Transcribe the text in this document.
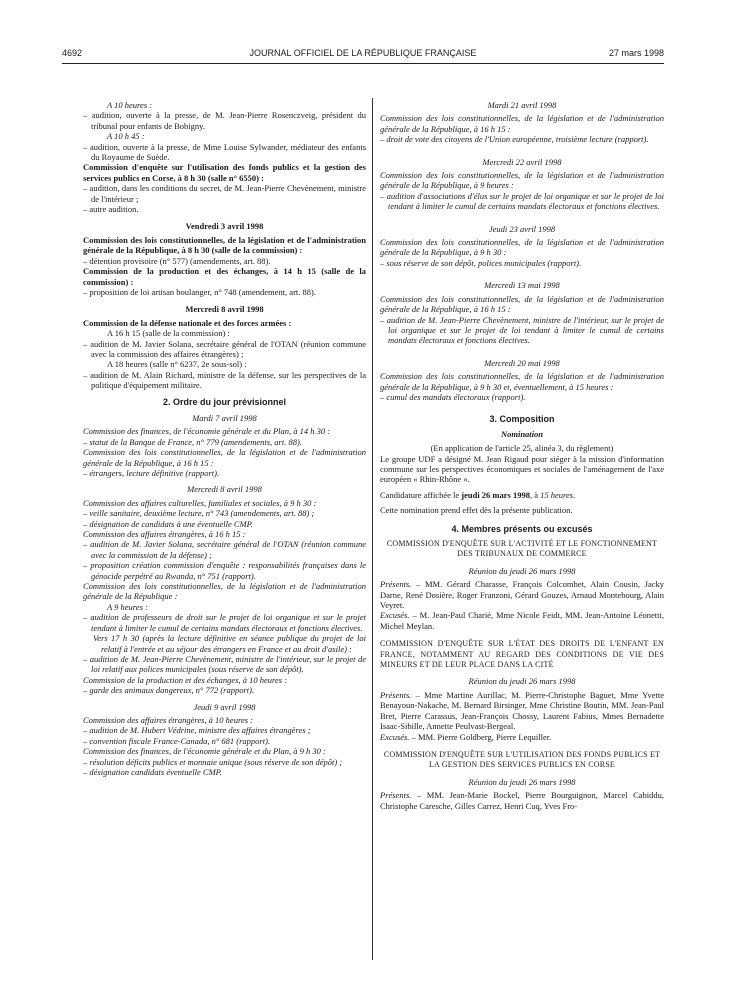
4692	JOURNAL OFFICIEL DE LA RÉPUBLIQUE FRANÇAISE	27 mars 1998

A 10 heures :

– audition, ouverte à la presse, de M. Jean-Pierre Rosenczveig, président du tribunal pour enfants de Bobigny.

A 10 h 45 :

– audition, ouverte à la presse, de Mme Louise Sylwander, médiateur des enfants du Royaume de Suède.

Commission d'enquête sur l'utilisation des fonds publics et la gestion des services publics en Corse, à 8 h 30 (salle n° 6550) :

– audition, dans les conditions du secret, de M. Jean-Pierre Chevènement, ministre de l'intérieur ;

– autre audition.

Vendredi 3 avril 1998

Commission des lois constitutionnelles, de la législation et de l'administration générale de la République, à 8 h 30 (salle de la commission) :

– détention provisoire (n° 577) (amendements, art. 88).

Commission de la production et des échanges, à 14 h 15 (salle de la commission) :

– proposition de loi artisan boulanger, n° 748 (amendement, art. 88).

Mercredi 8 avril 1998

Commission de la défense nationale et des forces armées :

A 16 h 15 (salle de la commission) :

– audition de M. Javier Solana, secrétaire général de l'OTAN (réunion commune avec la commission des affaires étrangères) ;

A 18 heures (salle n° 6237, 2e sous-sol) :

– audition de M. Alain Richard, ministre de la défense, sur les perspectives de la politique d'équipement militaire.

2. Ordre du jour prévisionnel

Mardi 7 avril 1998

Commission des finances, de l'économie générale et du Plan, à 14 h 30 :

– statut de la Banque de France, n° 779 (amendements, art. 88).

Commission des lois constitutionnelles, de la législation et de l'administration générale de la République, à 16 h 15 :

– étrangers, lecture définitive (rapport).

Mercredi 8 avril 1998

Commission des affaires culturelles, familiales et sociales, à 9 h 30 :

– veille sanitaire, deuxième lecture, n° 743 (amendements, art. 88) ;

– désignation de candidats à une éventuelle CMP.

Commission des affaires étrangères, à 16 h 15 :

– audition de M. Javier Solana, secrétaire général de l'OTAN (réunion commune avec la commission de la défense) ;

– proposition création commission d'enquête : responsabilités françaises dans le génocide perpétré au Rwanda, n° 751 (rapport).

Commission des lois constitutionnelles, de la législation et de l'administration générale de la République :

A 9 heures :

– audition de professeurs de droit sur le projet de loi organique et sur le projet tendant à limiter le cumul de certains mandats électoraux et fonctions électives.

Vers 17 h 30 (après la lecture définitive en séance publique du projet de loi relatif à l'entrée et au séjour des étrangers en France et au droit d'asile) :

– audition de M. Jean-Pierre Chevènement, ministre de l'intérieur, sur le projet de loi relatif aux polices municipales (sous réserve de son dépôt).

Commission de la production et des échanges, à 10 heures :

– garde des animaux dangereux, n° 772 (rapport).

Jeudi 9 avril 1998

Commission des affaires étrangères, à 10 heures :

– audition de M. Hubert Védrine, ministre des affaires étrangères ;

– convention fiscale France-Canada, n° 681 (rapport).

Commission des finances, de l'économie générale et du Plan, à 9 h 30 :

– résolution déficits publics et monnaie unique (sous réserve de son dépôt) ;

– désignation candidats éventuelle CMP.

Mardi 21 avril 1998

Commission des lois constitutionnelles, de la législation et de l'administration générale de la République, à 16 h 15 :

– droit de vote des citoyens de l'Union européenne, troisième lecture (rapport).

Mercredi 22 avril 1998

Commission des lois constitutionnelles, de la législation et de l'administration générale de la République, à 9 heures :

– audition d'associations d'élus sur le projet de loi organique et sur le projet de loi tendant à limiter le cumul de certains mandats électoraux et fonctions électives.

Jeudi 23 avril 1998

Commission des lois constitutionnelles, de la législation et de l'administration générale de la République, à 9 h 30 :

– sous réserve de son dépôt, polices municipales (rapport).

Mercredi 13 mai 1998

Commission des lois constitutionnelles, de la législation et de l'administration générale de la République, à 16 h 15 :

– audition de M. Jean-Pierre Chevènement, ministre de l'intérieur, sur le projet de loi organique et sur le projet de loi tendant à limiter le cumul de certains mandats électoraux et fonctions électives.

Mercredi 20 mai 1998

Commission des lois constitutionnelles, de la législation et de l'administration générale de la République, à 9 h 30 et, éventuellement, à 15 heures :

– cumul des mandats électoraux (rapport).

3. Composition

Nomination

(En application de l'article 25, alinéa 3, du règlement)

Le groupe UDF a désigné M. Jean Rigaud pour siéger à la mission d'information commune sur les perspectives économiques et sociales de l'aménagement de l'axe européen « Rhin-Rhône ».

Candidature affichée le jeudi 26 mars 1998, à 15 heures.

Cette nomination prend effet dès la présente publication.

4. Membres présents ou excusés

COMMISSION D'ENQUÊTE SUR L'ACTIVITÉ ET LE FONCTIONNEMENT DES TRIBUNAUX DE COMMERCE

Réunion du jeudi 26 mars 1998

Présents. – MM. Gérard Charasse, François Colcombet, Alain Cousin, Jacky Darne, René Dosière, Roger Franzoni, Gérard Gouzes, Arnaud Montebourg, Alain Veyret.

Excusés. – M. Jean-Paul Charié, Mme Nicole Feidt, MM. Jean-Antoine Léonetti, Michel Meylan.

COMMISSION D'ENQUÊTE SUR L'ÉTAT DES DROITS DE L'ENFANT EN FRANCE, NOTAMMENT AU REGARD DES CONDITIONS DE VIE DES MINEURS ET DE LEUR PLACE DANS LA CITÉ

Réunion du jeudi 26 mars 1998

Présents. – Mme Martine Aurillac, M. Pierre-Christophe Baguet, Mme Yvette Benayoun-Nakache, M. Bernard Birsinger, Mme Christine Boutin, MM. Jean-Paul Bret, Pierre Carassus, Jean-François Chossy, Laurent Fabius, Mmes Bernadette Isaac-Sibille, Annette Peulvast-Bergeal.

Excusés. – MM. Pierre Goldberg, Pierre Lequiller.

COMMISSION D'ENQUÊTE SUR L'UTILISATION DES FONDS PUBLICS ET LA GESTION DES SERVICES PUBLICS EN CORSE

Réunion du jeudi 26 mars 1998

Présents. – MM. Jean-Marie Bockel, Pierre Bourguignon, Marcel Cabiddu, Christophe Caresche, Gilles Carrez, Henri Cuq, Yves Fro-
